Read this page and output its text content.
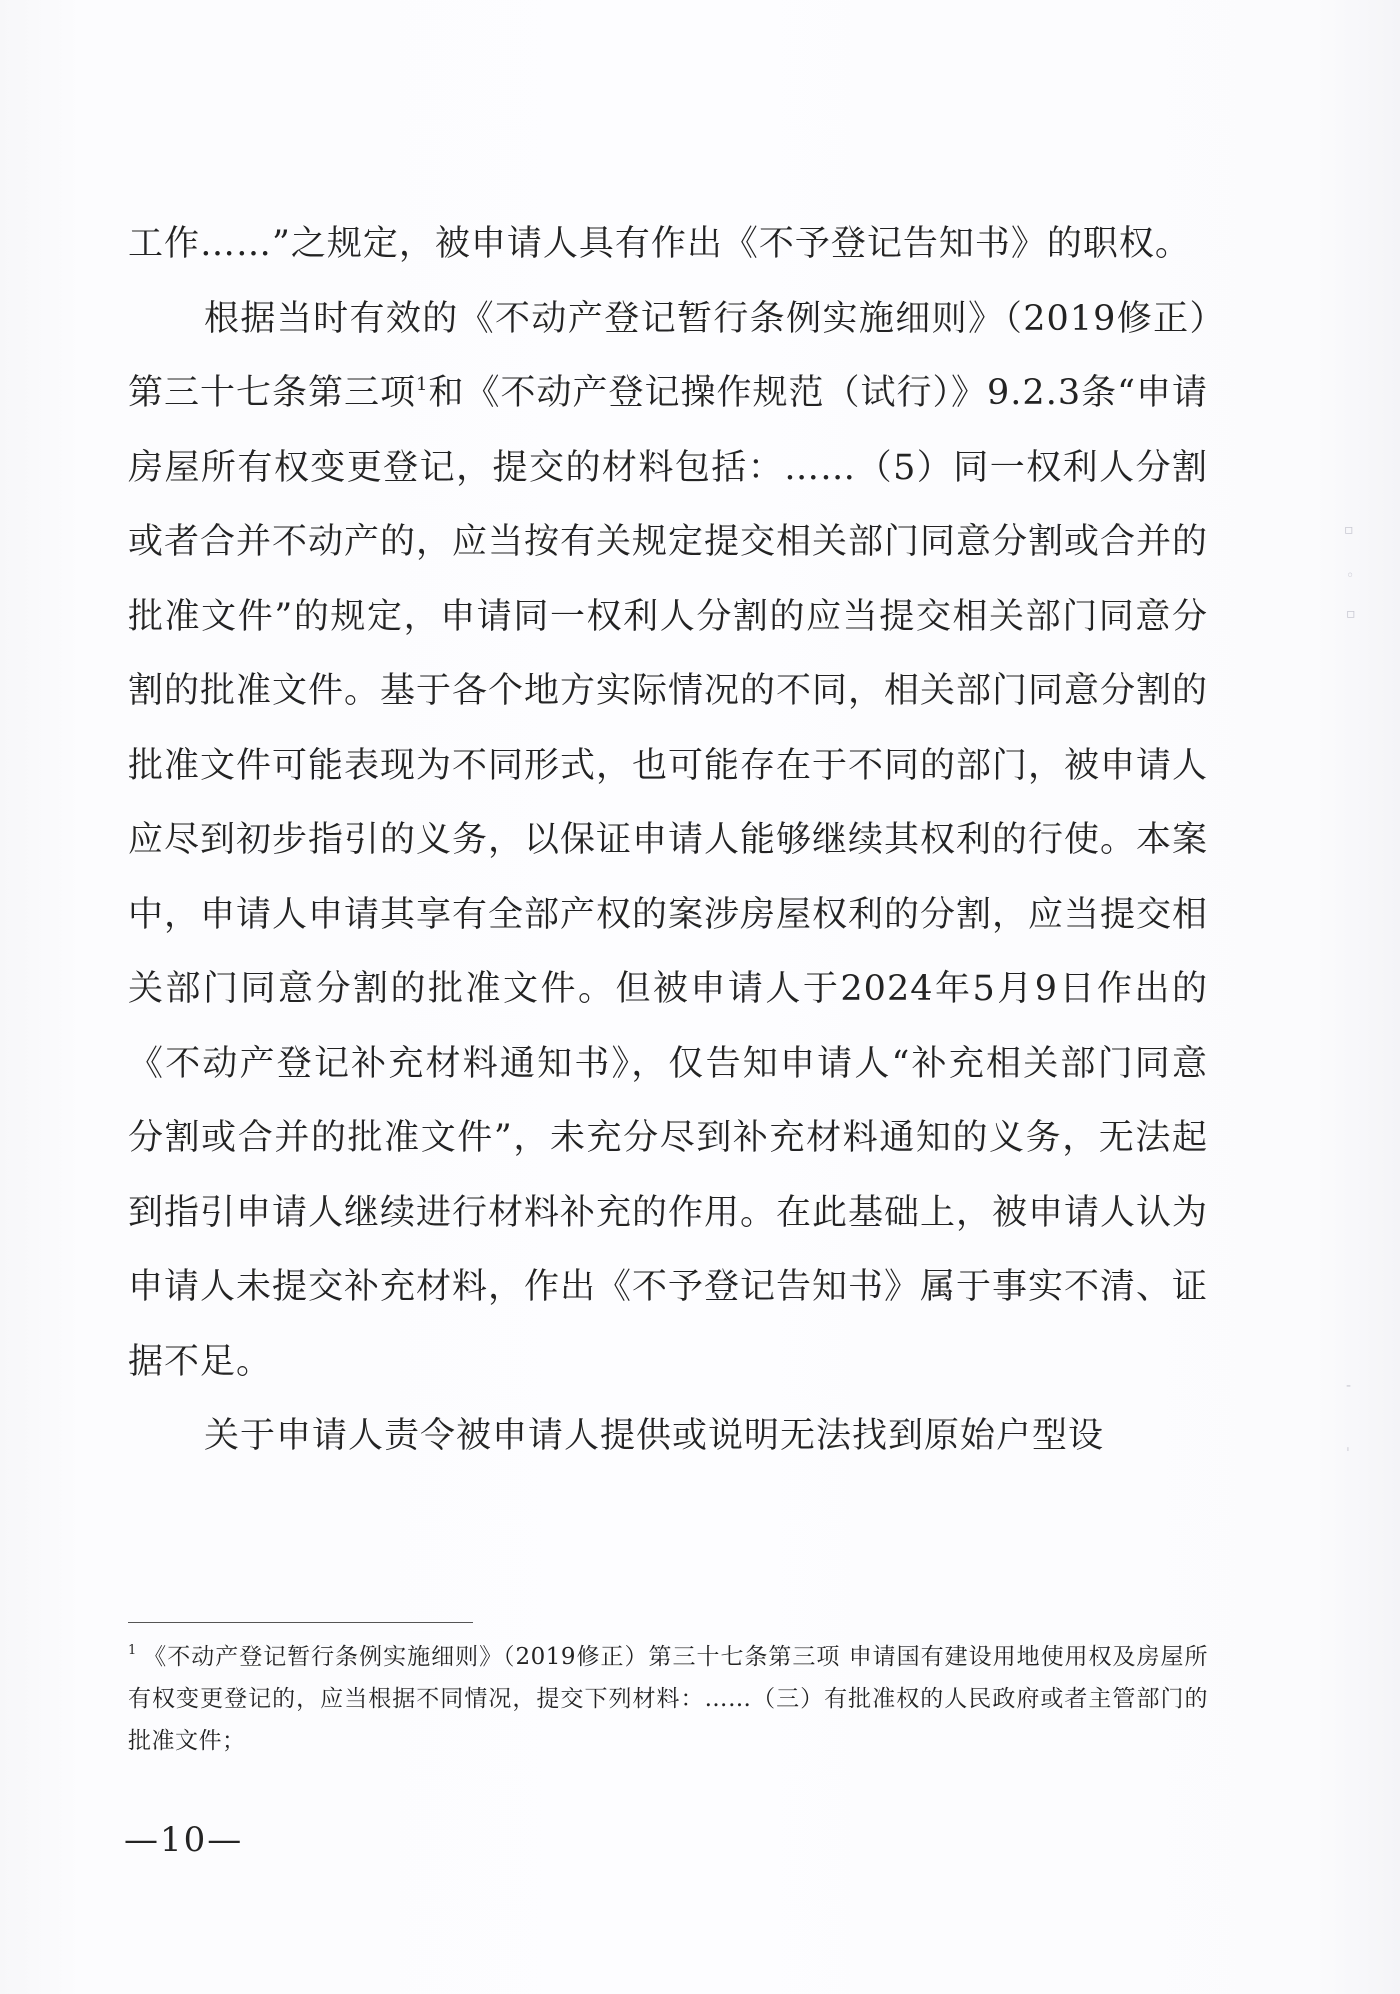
工作……”之规定，被申请人具有作出《不予登记告知书》的职权。

根据当时有效的《不动产登记暂行条例实施细则》（2019修正）第三十七条第三项$^1$和《不动产登记操作规范（试行）》9.2.3条“申请房屋所有权变更登记，提交的材料包括：……（5）同一权利人分割或者合并不动产的，应当按有关规定提交相关部门同意分割或合并的批准文件”的规定，申请同一权利人分割的应当提交相关部门同意分割的批准文件。基于各个地方实际情况的不同，相关部门同意分割的批准文件可能表现为不同形式，也可能存在于不同的部门，被申请人应尽到初步指引的义务，以保证申请人能够继续其权利的行使。本案中，申请人申请其享有全部产权的案涉房屋权利的分割，应当提交相关部门同意分割的批准文件。但被申请人于2024年5月9日作出的《不动产登记补充材料通知书》，仅告知申请人“补充相关部门同意分割或合并的批准文件”，未充分尽到补充材料通知的义务，无法起到指引申请人继续进行材料补充的作用。在此基础上，被申请人认为申请人未提交补充材料，作出《不予登记告知书》属于事实不清、证据不足。

关于申请人责令被申请人提供或说明无法找到原始户型设

$^1$ 《不动产登记暂行条例实施细则》（2019修正）第三十七条第三项 申请国有建设用地使用权及房屋所有权变更登记的，应当根据不同情况，提交下列材料：……（三）有批准权的人民政府或者主管部门的批准文件；
—10—
▫
◦
▫
-
ˈ
